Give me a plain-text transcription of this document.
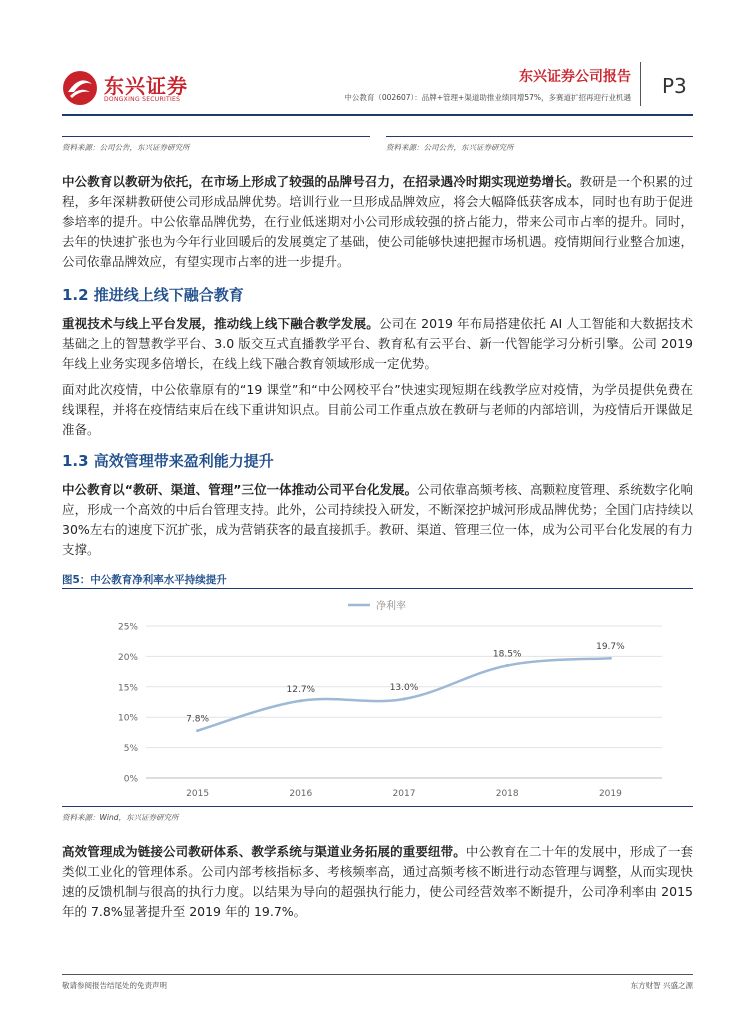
东兴证券
DONGXING SECURITIES
东兴证券公司报告
中公教育（002607）：品牌+管理+渠道助推业绩同增57%，多赛道扩招再迎行业机遇 P3
资料来源：公司公告，东兴证券研究所	资料来源：公司公告，东兴证券研究所
中公教育以教研为依托，在市场上形成了较强的品牌号召力，在招录遇冷时期实现逆势增长。教研是一个积累的过程，多年深耕教研使公司形成品牌优势。培训行业一旦形成品牌效应，将会大幅降低获客成本，同时也有助于促进参培率的提升。中公依靠品牌优势，在行业低迷期对小公司形成较强的挤占能力，带来公司市占率的提升。同时，去年的快速扩张也为今年行业回暖后的发展奠定了基础，使公司能够快速把握市场机遇。疫情期间行业整合加速，公司依靠品牌效应，有望实现市占率的进一步提升。
1.2 推进线上线下融合教育
重视技术与线上平台发展，推动线上线下融合教学发展。公司在 2019 年布局搭建依托 AI 人工智能和大数据技术基础之上的智慧教学平台、3.0 版交互式直播教学平台、教育私有云平台、新一代智能学习分析引擎。公司 2019 年线上业务实现多倍增长，在线上线下融合教育领域形成一定优势。
面对此次疫情，中公依靠原有的“19 课堂”和“中公网校平台”快速实现短期在线教学应对疫情，为学员提供免费在线课程，并将在疫情结束后在线下重讲知识点。目前公司工作重点放在教研与老师的内部培训，为疫情后开课做足准备。
1.3 高效管理带来盈利能力提升
中公教育以“教研、渠道、管理”三位一体推动公司平台化发展。公司依靠高频考核、高颗粒度管理、系统数字化响应，形成一个高效的中后台管理支持。此外，公司持续投入研发，不断深挖护城河形成品牌优势；全国门店持续以 30%左右的速度下沉扩张，成为营销获客的最直接抓手。教研、渠道、管理三位一体，成为公司平台化发展的有力支撑。
图5：中公教育净利率水平持续提升
净利率
0%
5%
10%
15%
20%
25%
2015	2016	2017	2018	2019
7.8%
12.7%	13.0%
18.5%
19.7%
资料来源：Wind，东兴证券研究所
高效管理成为链接公司教研体系、教学系统与渠道业务拓展的重要纽带。中公教育在二十年的发展中，形成了一套类似工业化的管理体系。公司内部考核指标多、考核频率高，通过高频考核不断进行动态管理与调整，从而实现快速的反馈机制与很高的执行力度。以结果为导向的超强执行能力，使公司经营效率不断提升，公司净利率由 2015 年的 7.8%显著提升至 2019 年的 19.7%。
敬请参阅报告结尾处的免责声明	东方财智 兴盛之源
